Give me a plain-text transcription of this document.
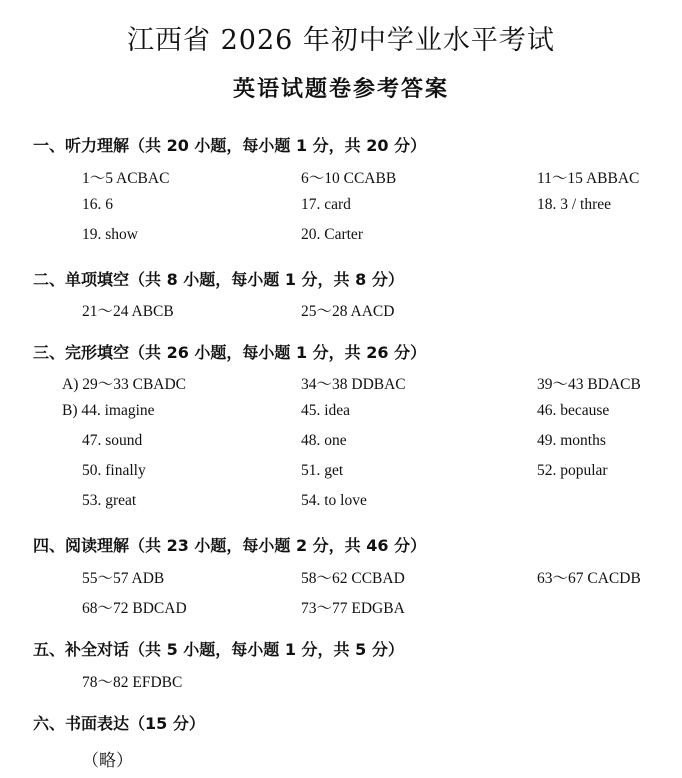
江西省 2026 年初中学业水平考试
英语试题卷参考答案
一、听力理解（共 20 小题，每小题 1 分，共 20 分）
1～5 ACBAC	6～10 CCABB	11～15 ABBAC
16. 6	17. card	18. 3 / three
19. show	20. Carter
二、单项填空（共 8 小题，每小题 1 分，共 8 分）
21～24 ABCB	25～28 AACD
三、完形填空（共 26 小题，每小题 1 分，共 26 分）
A) 29～33 CBADC	34～38 DDBAC	39～43 BDACB
B) 44. imagine	45. idea	46. because
47. sound	48. one	49. months
50. finally	51. get	52. popular
53. great	54. to love
四、阅读理解（共 23 小题，每小题 2 分，共 46 分）
55～57 ADB	58～62 CCBAD	63～67 CACDB
68～72 BDCAD	73～77 EDGBA
五、补全对话（共 5 小题，每小题 1 分，共 5 分）
78～82 EFDBC
六、书面表达（15 分）
（略）
